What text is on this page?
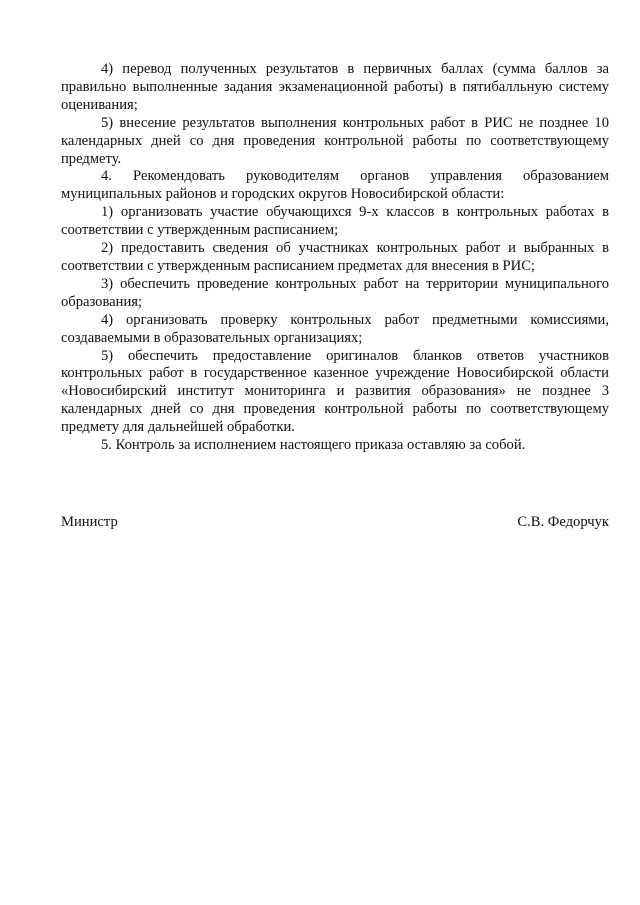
4) перевод полученных результатов в первичных баллах (сумма баллов за правильно выполненные задания экзаменационной работы) в пятибалльную систему оценивания;

5) внесение результатов выполнения контрольных работ в РИС не позднее 10 календарных дней со дня проведения контрольной работы по соответствующему предмету.

4. Рекомендовать руководителям органов управления образованием муниципальных районов и городских округов Новосибирской области:

1) организовать участие обучающихся 9-х классов в контрольных работах в соответствии с утвержденным расписанием;

2) предоставить сведения об участниках контрольных работ и выбранных в соответствии с утвержденным расписанием предметах для внесения в РИС;

3) обеспечить проведение контрольных работ на территории муниципального образования;

4) организовать проверку контрольных работ предметными комиссиями, создаваемыми в образовательных организациях;

5) обеспечить предоставление оригиналов бланков ответов участников контрольных работ в государственное казенное учреждение Новосибирской области «Новосибирский институт мониторинга и развития образования» не позднее 3 календарных дней со дня проведения контрольной работы по соответствующему предмету для дальнейшей обработки.

5. Контроль за исполнением настоящего приказа оставляю за собой.

Министр	С.В. Федорчук
